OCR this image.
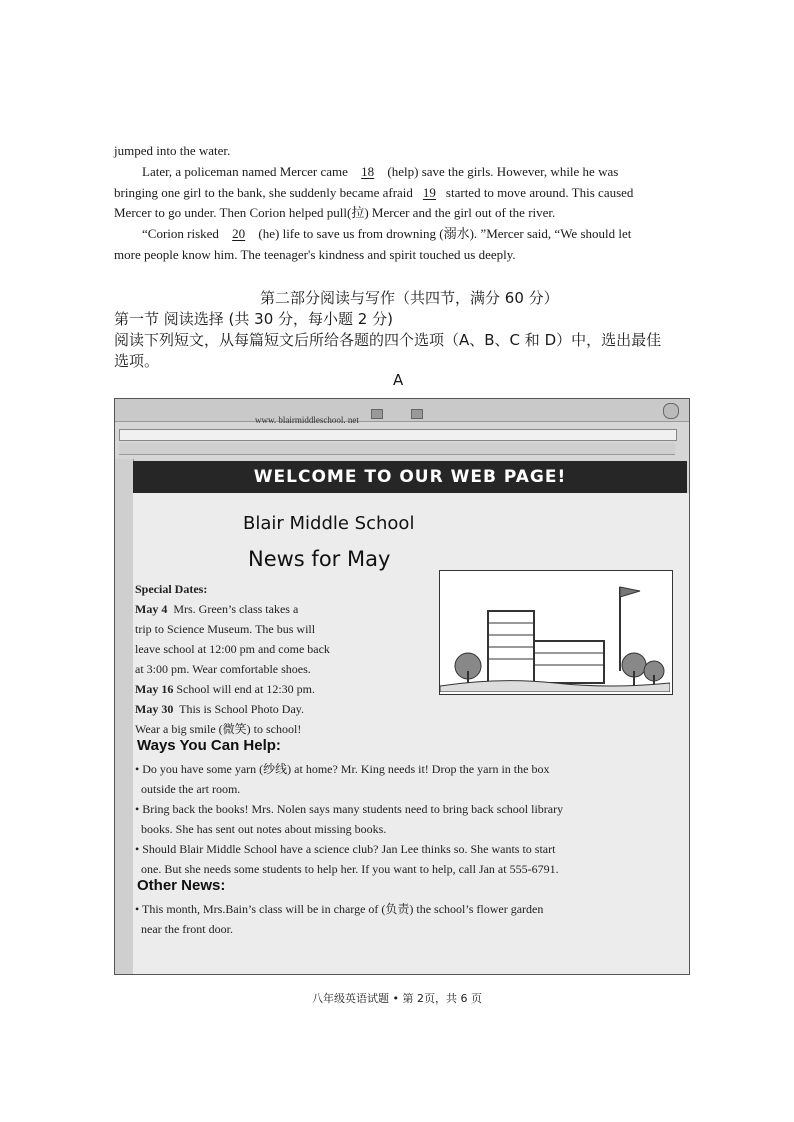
jumped into the water.
Later, a policeman named Mercer came 18 (help) save the girls. However, while he was
bringing one girl to the bank, she suddenly became afraid 19 started to move around. This caused
Mercer to go under. Then Corion helped pull(拉) Mercer and the girl out of the river.
“Corion risked 20 (he) life to save us from drowning (溺水). ”Mercer said, “We should let
more people know him. The teenager's kindness and spirit touched us deeply.
第二部分阅读与写作（共四节，满分 60 分）
第一节 阅读选择 (共 30 分，每小题 2 分)
阅读下列短文，从每篇短文后所给各题的四个选项（A、B、C 和 D）中，选出最佳
选项。
A
www. blairmiddleschool. net
WELCOME TO OUR WEB PAGE!
Blair Middle School
News for May
Special Dates:
May 4 Mrs. Green’s class takes a
trip to Science Museum. The bus will
leave school at 12:00 pm and come back
at 3:00 pm. Wear comfortable shoes.
May 16 School will end at 12:30 pm.
May 30 This is School Photo Day.
Wear a big smile (微笑) to school!
Ways You Can Help:
• Do you have some yarn (纱线) at home? Mr. King needs it! Drop the yarn in the box
outside the art room.
• Bring back the books! Mrs. Nolen says many students need to bring back school library
books. She has sent out notes about missing books.
• Should Blair Middle School have a science club? Jan Lee thinks so. She wants to start
one. But she needs some students to help her. If you want to help, call Jan at 555-6791.
Other News:
• This month, Mrs.Bain’s class will be in charge of (负责) the school’s flower garden
near the front door.
八年级英语试题 • 第 2页，共 6 页
